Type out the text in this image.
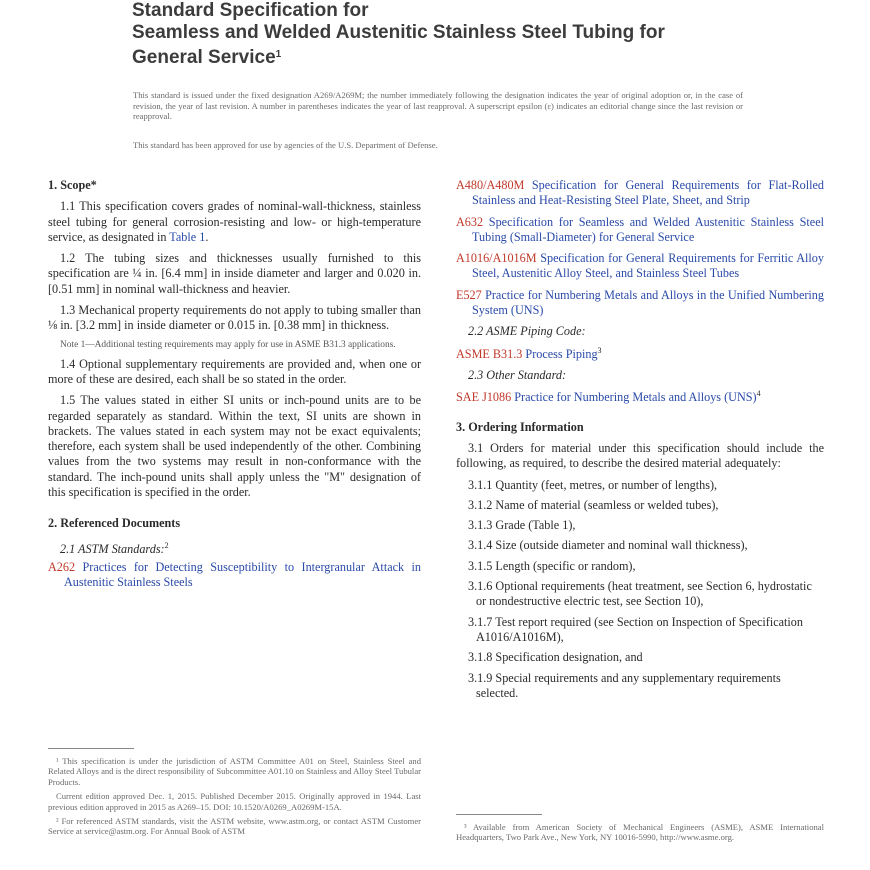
Standard Specification for
Seamless and Welded Austenitic Stainless Steel Tubing for
General Service$^1$
This standard is issued under the fixed designation A269/A269M; the number immediately following the designation indicates the year of original adoption or, in the case of revision, the year of last revision. A number in parentheses indicates the year of last reapproval. A superscript epsilon (ε) indicates an editorial change since the last revision or reapproval.
This standard has been approved for use by agencies of the U.S. Department of Defense.
1. Scope*

1.1 This specification covers grades of nominal-wall-thickness, stainless steel tubing for general corrosion-resisting and low- or high-temperature service, as designated in Table 1.

1.2 The tubing sizes and thicknesses usually furnished to this specification are ¼ in. [6.4 mm] in inside diameter and larger and 0.020 in. [0.51 mm] in nominal wall-thickness and heavier.

1.3 Mechanical property requirements do not apply to tubing smaller than ⅛ in. [3.2 mm] in inside diameter or 0.015 in. [0.38 mm] in thickness.

Note 1—Additional testing requirements may apply for use in ASME B31.3 applications.

1.4 Optional supplementary requirements are provided and, when one or more of these are desired, each shall be so stated in the order.

1.5 The values stated in either SI units or inch-pound units are to be regarded separately as standard. Within the text, SI units are shown in brackets. The values stated in each system may not be exact equivalents; therefore, each system shall be used independently of the other. Combining values from the two systems may result in non-conformance with the standard. The inch-pound units shall apply unless the "M" designation of this specification is specified in the order.

2. Referenced Documents
2.1 ASTM Standards:$^2$
A262 Practices for Detecting Susceptibility to Intergranular Attack in Austenitic Stainless Steels
A480/A480M Specification for General Requirements for Flat-Rolled Stainless and Heat-Resisting Steel Plate, Sheet, and Strip
A632 Specification for Seamless and Welded Austenitic Stainless Steel Tubing (Small-Diameter) for General Service
A1016/A1016M Specification for General Requirements for Ferritic Alloy Steel, Austenitic Alloy Steel, and Stainless Steel Tubes
E527 Practice for Numbering Metals and Alloys in the Unified Numbering System (UNS)
2.2 ASME Piping Code:
ASME B31.3 Process Piping$^3$
2.3 Other Standard:
SAE J1086 Practice for Numbering Metals and Alloys (UNS)$^4$
3. Ordering Information

3.1 Orders for material under this specification should include the following, as required, to describe the desired material adequately:

3.1.1 Quantity (feet, metres, or number of lengths),
3.1.2 Name of material (seamless or welded tubes),
3.1.3 Grade (Table 1),
3.1.4 Size (outside diameter and nominal wall thickness),
3.1.5 Length (specific or random),
3.1.6 Optional requirements (heat treatment, see Section 6, hydrostatic or nondestructive electric test, see Section 10),
3.1.7 Test report required (see Section on Inspection of Specification A1016/A1016M),
3.1.8 Specification designation, and
3.1.9 Special requirements and any supplementary requirements selected.

¹ This specification is under the jurisdiction of ASTM Committee A01 on Steel, Stainless Steel and Related Alloys and is the direct responsibility of Subcommittee A01.10 on Stainless and Alloy Steel Tubular Products.

Current edition approved Dec. 1, 2015. Published December 2015. Originally approved in 1944. Last previous edition approved in 2015 as A269–15. DOI: 10.1520/A0269_A0269M-15A.

² For referenced ASTM standards, visit the ASTM website, www.astm.org, or contact ASTM Customer Service at service@astm.org. For Annual Book of ASTM	³ Available from American Society of Mechanical Engineers (ASME), ASME International Headquarters, Two Park Ave., New York, NY 10016-5990, http://www.asme.org.
